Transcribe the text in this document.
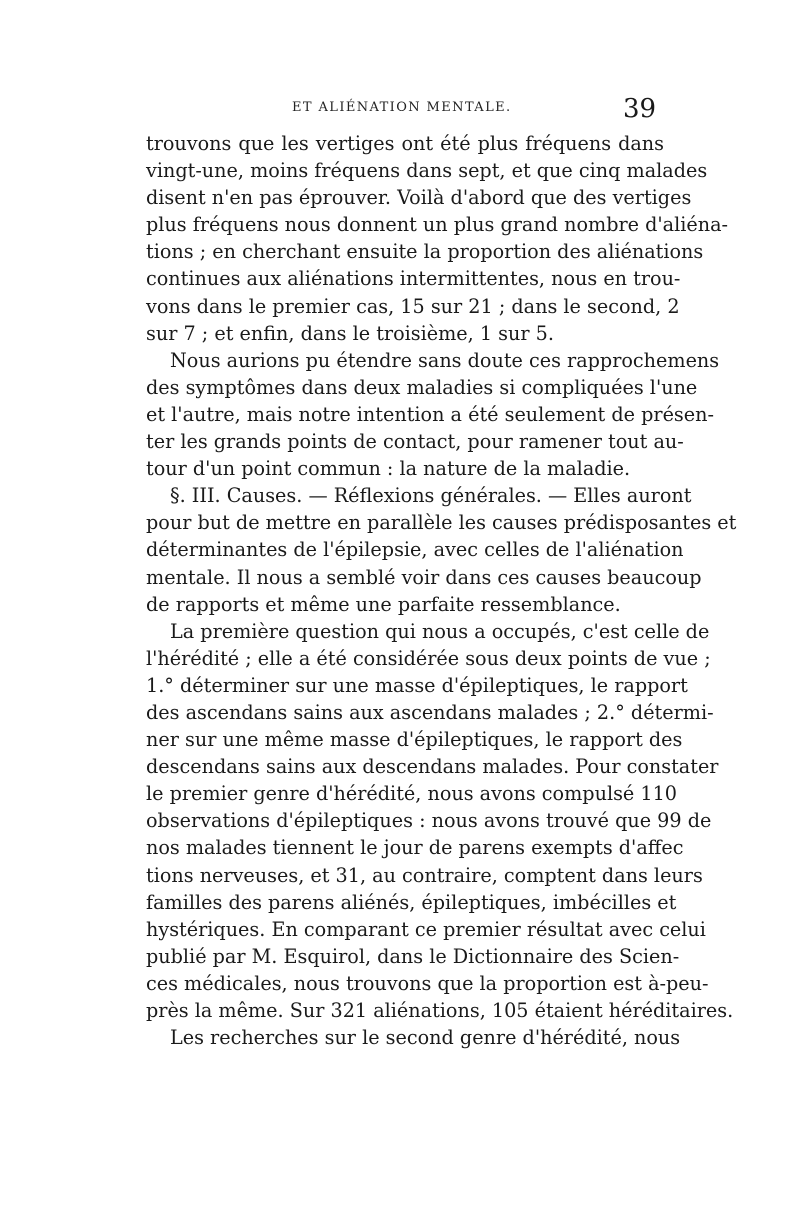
ET ALIÉNATION MENTALE.	39
trouvons que les vertiges ont été plus fréquens dans
vingt-une, moins fréquens dans sept, et que cinq malades
disent n'en pas éprouver. Voilà d'abord que des vertiges
plus fréquens nous donnent un plus grand nombre d'aliéna-
tions ; en cherchant ensuite la proportion des aliénations
continues aux aliénations intermittentes, nous en trou-
vons dans le premier cas, 15 sur 21 ; dans le second, 2
sur 7 ; et enfin, dans le troisième, 1 sur 5.
Nous aurions pu étendre sans doute ces rapprochemens
des symptômes dans deux maladies si compliquées l'une
et l'autre, mais notre intention a été seulement de présen-
ter les grands points de contact, pour ramener tout au-
tour d'un point commun : la nature de la maladie.
§. III. Causes. — Réflexions générales. — Elles auront
pour but de mettre en parallèle les causes prédisposantes et
déterminantes de l'épilepsie, avec celles de l'aliénation
mentale. Il nous a semblé voir dans ces causes beaucoup
de rapports et même une parfaite ressemblance.
La première question qui nous a occupés, c'est celle de
l'hérédité ; elle a été considérée sous deux points de vue ;
1.° déterminer sur une masse d'épileptiques, le rapport
des ascendans sains aux ascendans malades ; 2.° détermi-
ner sur une même masse d'épileptiques, le rapport des
descendans sains aux descendans malades. Pour constater
le premier genre d'hérédité, nous avons compulsé 110
observations d'épileptiques : nous avons trouvé que 99 de
nos malades tiennent le jour de parens exempts d'affec
tions nerveuses, et 31, au contraire, comptent dans leurs
familles des parens aliénés, épileptiques, imbécilles et
hystériques. En comparant ce premier résultat avec celui
publié par M. Esquirol, dans le Dictionnaire des Scien-
ces médicales, nous trouvons que la proportion est à-peu-
près la même. Sur 321 aliénations, 105 étaient héréditaires.
Les recherches sur le second genre d'hérédité, nous
